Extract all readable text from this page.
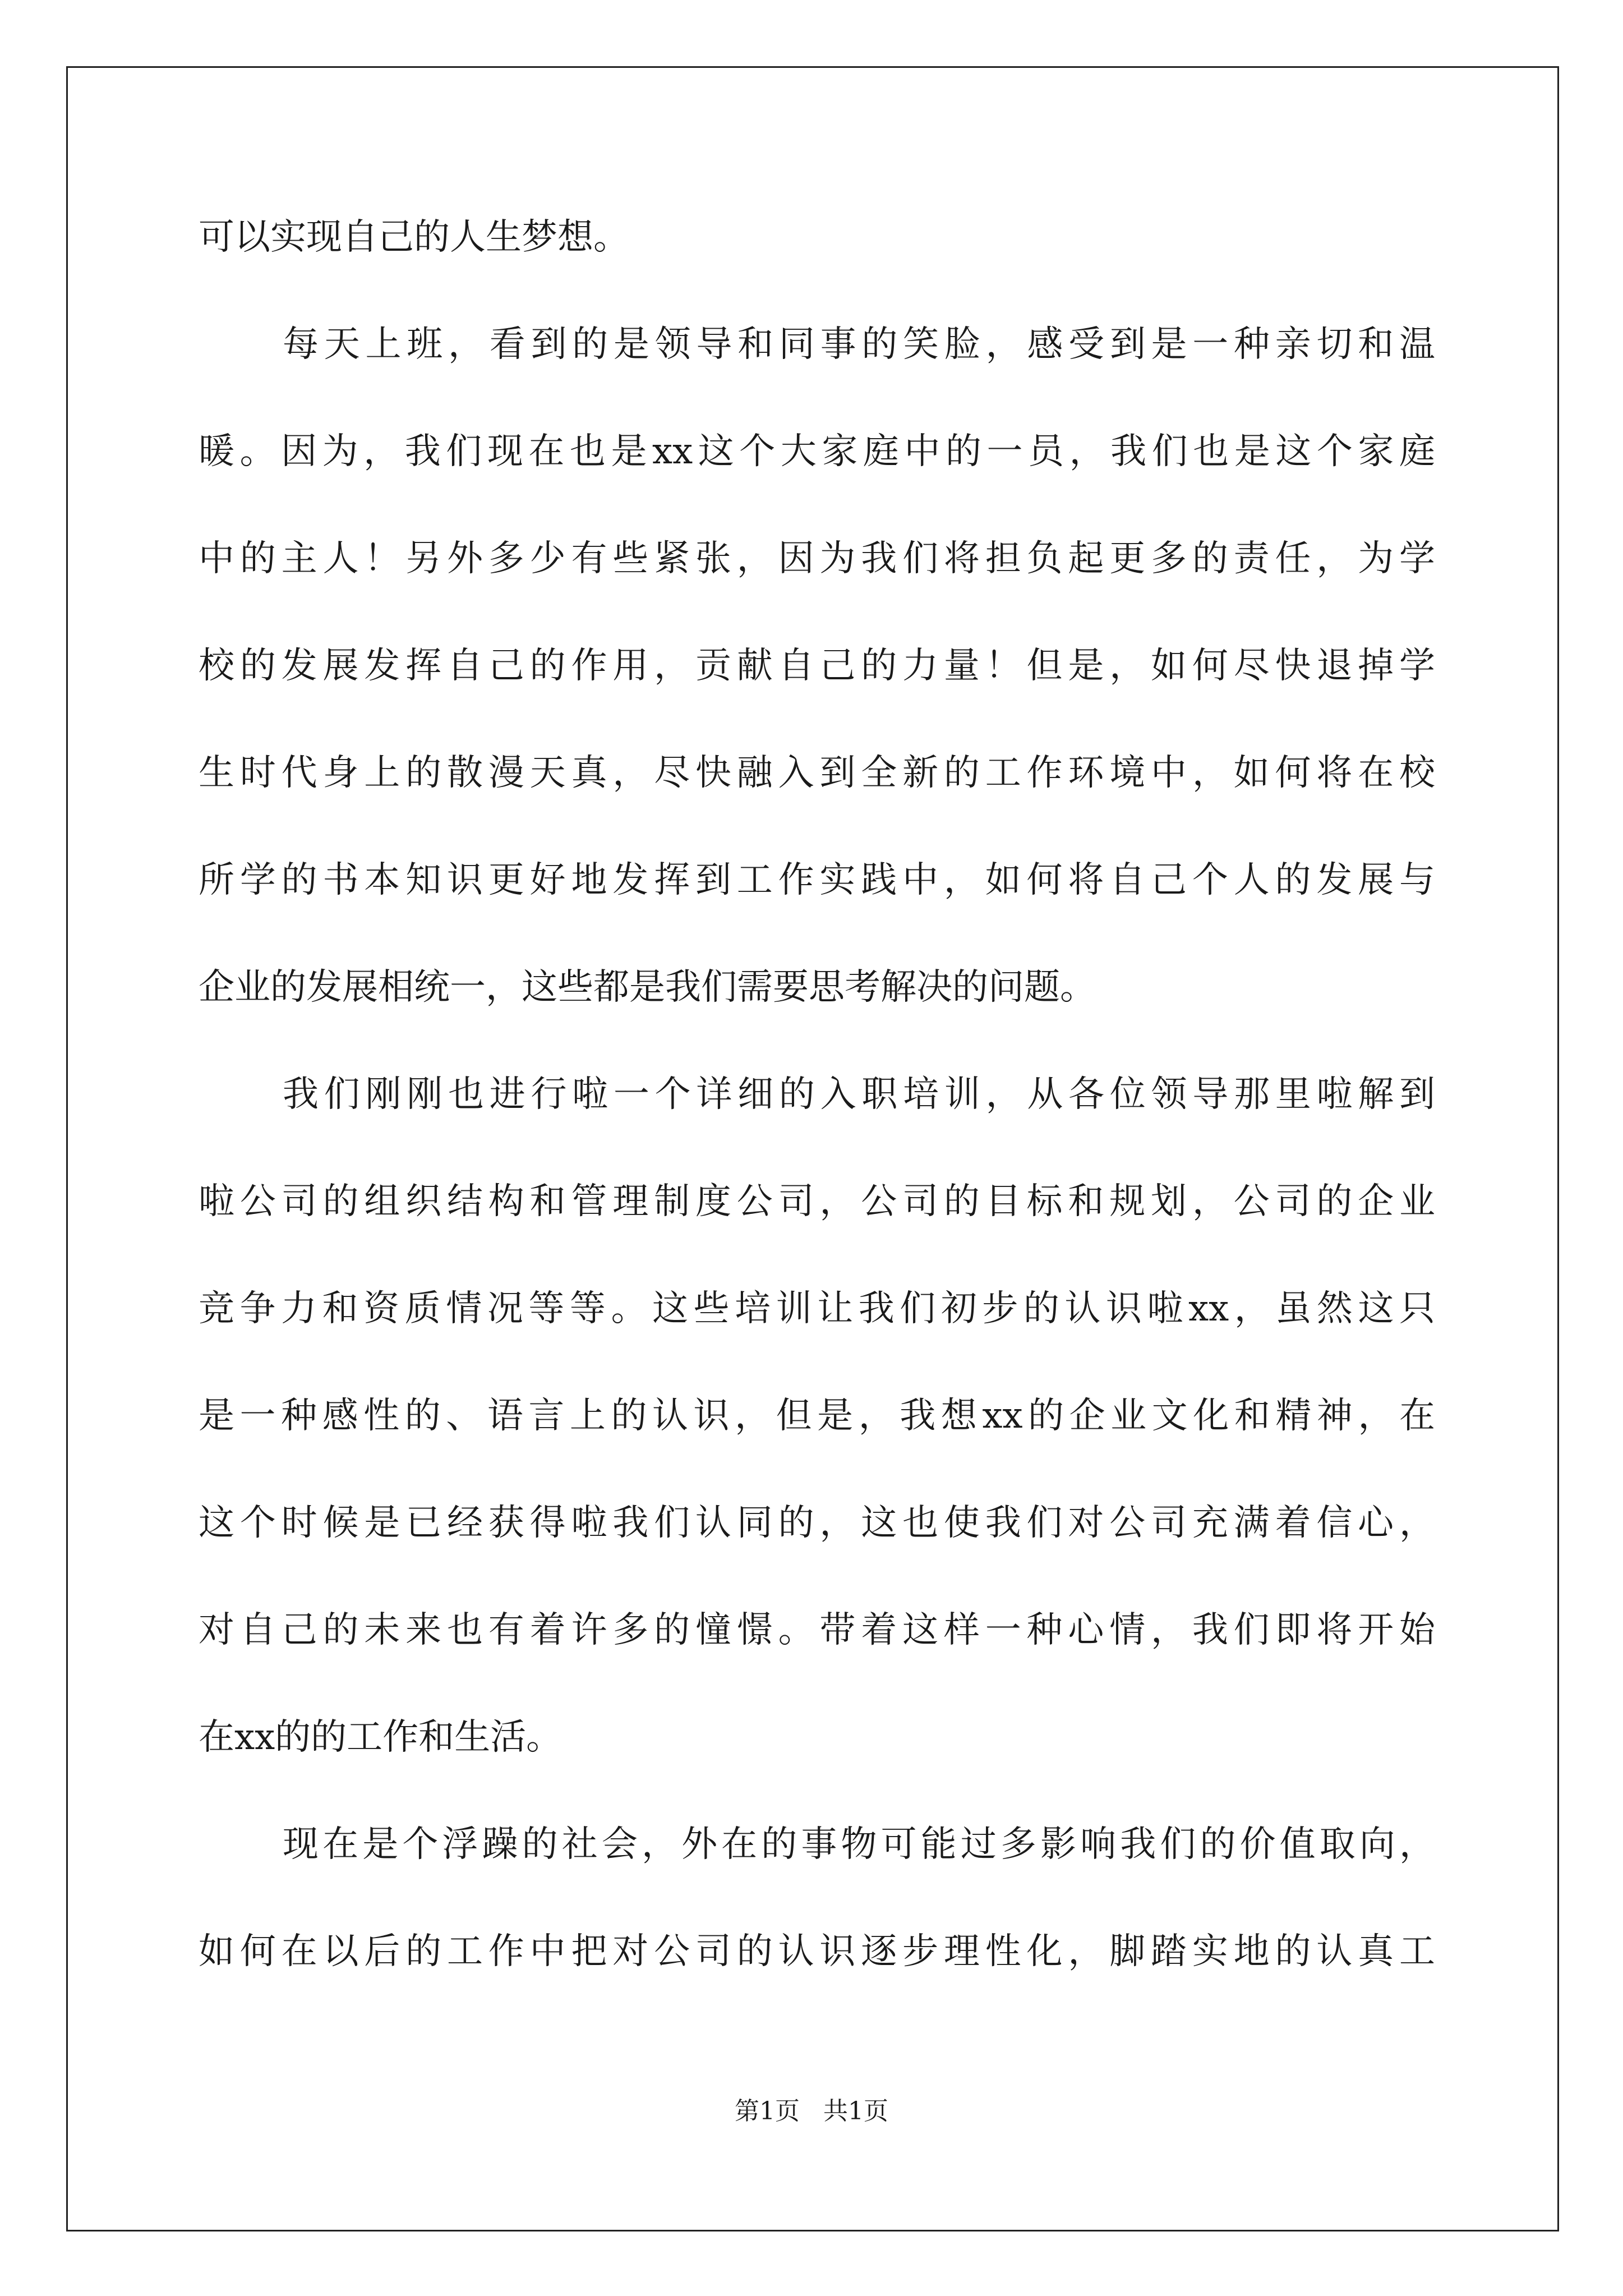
可以实现自己的人生梦想。
每天上班，看到的是领导和同事的笑脸，感受到是一种亲切和温
暖。因为，我们现在也是xx这个大家庭中的一员，我们也是这个家庭
中的主人！另外多少有些紧张，因为我们将担负起更多的责任，为学
校的发展发挥自己的作用，贡献自己的力量！但是，如何尽快退掉学
生时代身上的散漫天真，尽快融入到全新的工作环境中，如何将在校
所学的书本知识更好地发挥到工作实践中，如何将自己个人的发展与
企业的发展相统一，这些都是我们需要思考解决的问题。
我们刚刚也进行啦一个详细的入职培训，从各位领导那里啦解到
啦公司的组织结构和管理制度公司，公司的目标和规划，公司的企业
竞争力和资质情况等等。这些培训让我们初步的认识啦xx，虽然这只
是一种感性的、语言上的认识，但是，我想xx的企业文化和精神，在
这个时候是已经获得啦我们认同的，这也使我们对公司充满着信心，
对自己的未来也有着许多的憧憬。带着这样一种心情，我们即将开始
在xx的的工作和生活。
现在是个浮躁的社会，外在的事物可能过多影响我们的价值取向，
如何在以后的工作中把对公司的认识逐步理性化，脚踏实地的认真工
第1页   共1页
